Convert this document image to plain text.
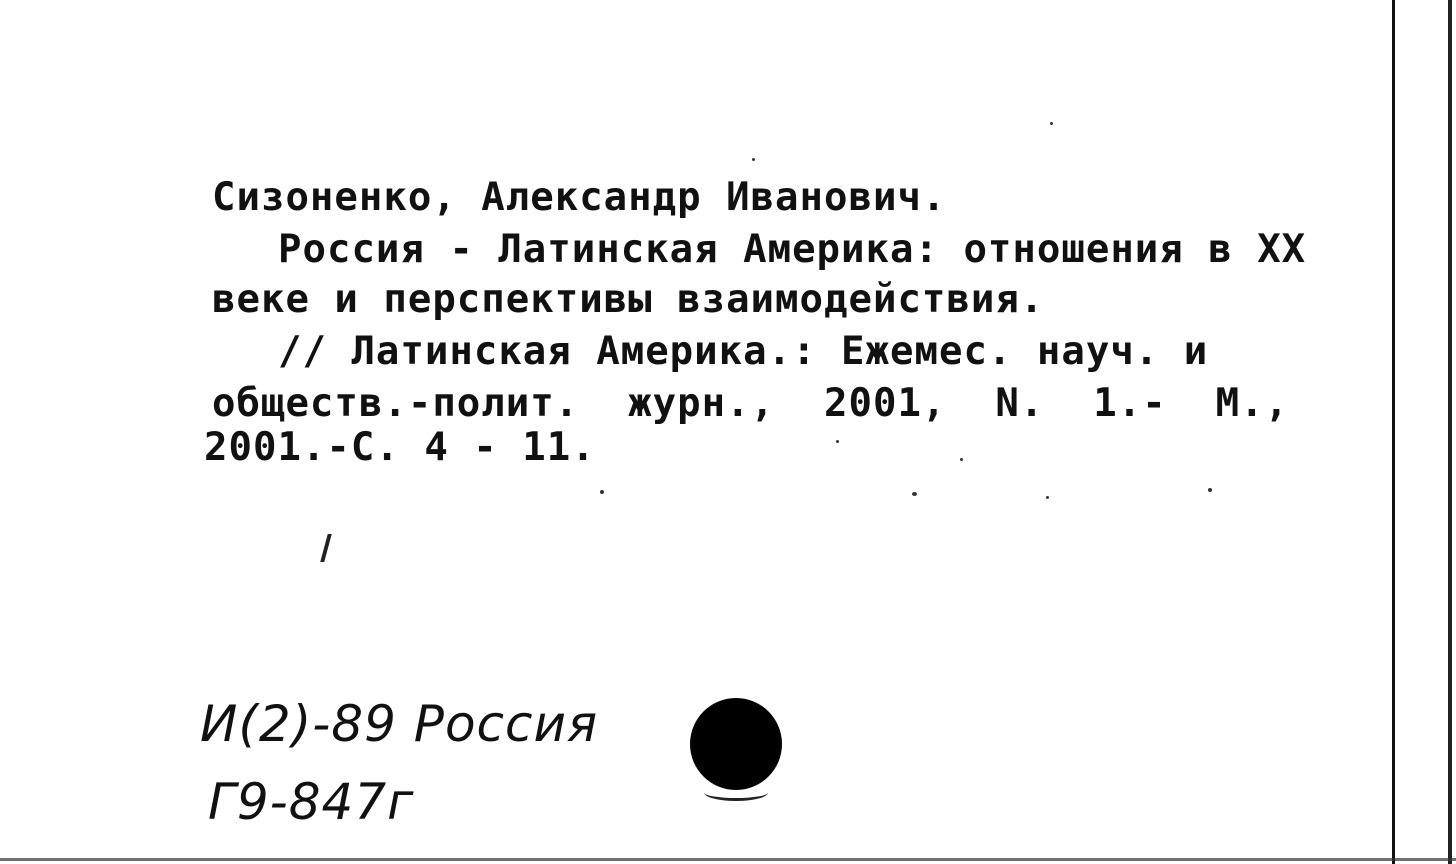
Сизоненко, Александр Иванович.
Россия - Латинская Америка: отношения в XX
веке и перспективы взаимодействия.
// Латинская Америка.: Ежемес. науч. и
обществ.-полит.  журн.,  2001,  N.  1.-  М.,
2001.-С. 4 - 11.
И(2)-89 Россия
Г9-847г
